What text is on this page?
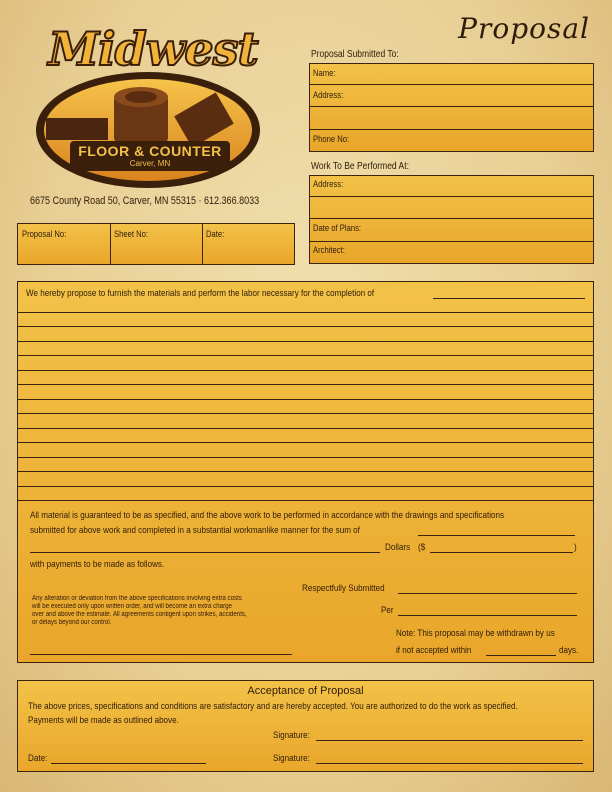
Proposal
Midwest
FLOOR & COUNTER
Carver, MN
6675 County Road 50, Carver, MN 55315 · 612.366.8033
Proposal Submitted To:
Name:
Address:
Phone No:
Work To Be Performed At:
Address:
Date of Plans:
Architect:
Proposal No:	Sheet No:	Date:
We hereby propose to furnish the materials and perform the labor necessary for the completion of
All material is guaranteed to be as specified, and the above work to be performed in accordance with the drawings and specifications
submitted for above work and completed in a substantial workmanlike manner for the sum of
Dollars ($	)
with payments to be made as follows.
Respectfully Submitted
Any alteration or deviation from the above specifications involving extra costs
will be executed only upon written order, and will become an extra charge
over and above the estimate. All agreements contigent upon strikes, accidents,
or delays beyond our control.
Per
Note: This proposal may be withdrawn by us
if not accepted within	days.
Acceptance of Proposal
The above prices, specifications and conditions are satisfactory and are hereby accepted. You are authorized to do the work as specified.
Payments will be made as outlined above.
Signature:
Date:	Signature:
